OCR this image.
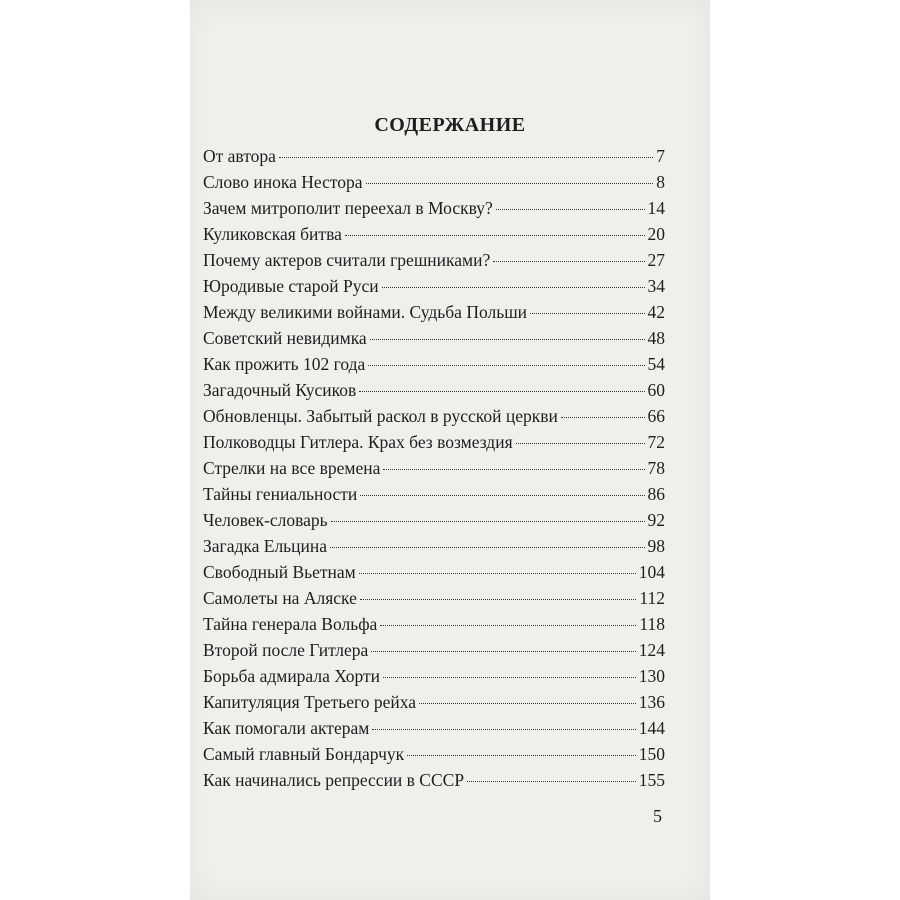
СОДЕРЖАНИЕ
От автора	7
Слово инока Нестора	8
Зачем митрополит переехал в Москву?	14
Куликовская битва	20
Почему актеров считали грешниками?	27
Юродивые старой Руси	34
Между великими войнами. Судьба Польши	42
Советский невидимка	48
Как прожить 102 года	54
Загадочный Кусиков	60
Обновленцы. Забытый раскол в русской церкви	66
Полководцы Гитлера. Крах без возмездия	72
Стрелки на все времена	78
Тайны гениальности	86
Человек-словарь	92
Загадка Ельцина	98
Свободный Вьетнам	104
Самолеты на Аляске	112
Тайна генерала Вольфа	118
Второй после Гитлера	124
Борьба адмирала Хорти	130
Капитуляция Третьего рейха	136
Как помогали актерам	144
Самый главный Бондарчук	150
Как начинались репрессии в СССР	155
5
